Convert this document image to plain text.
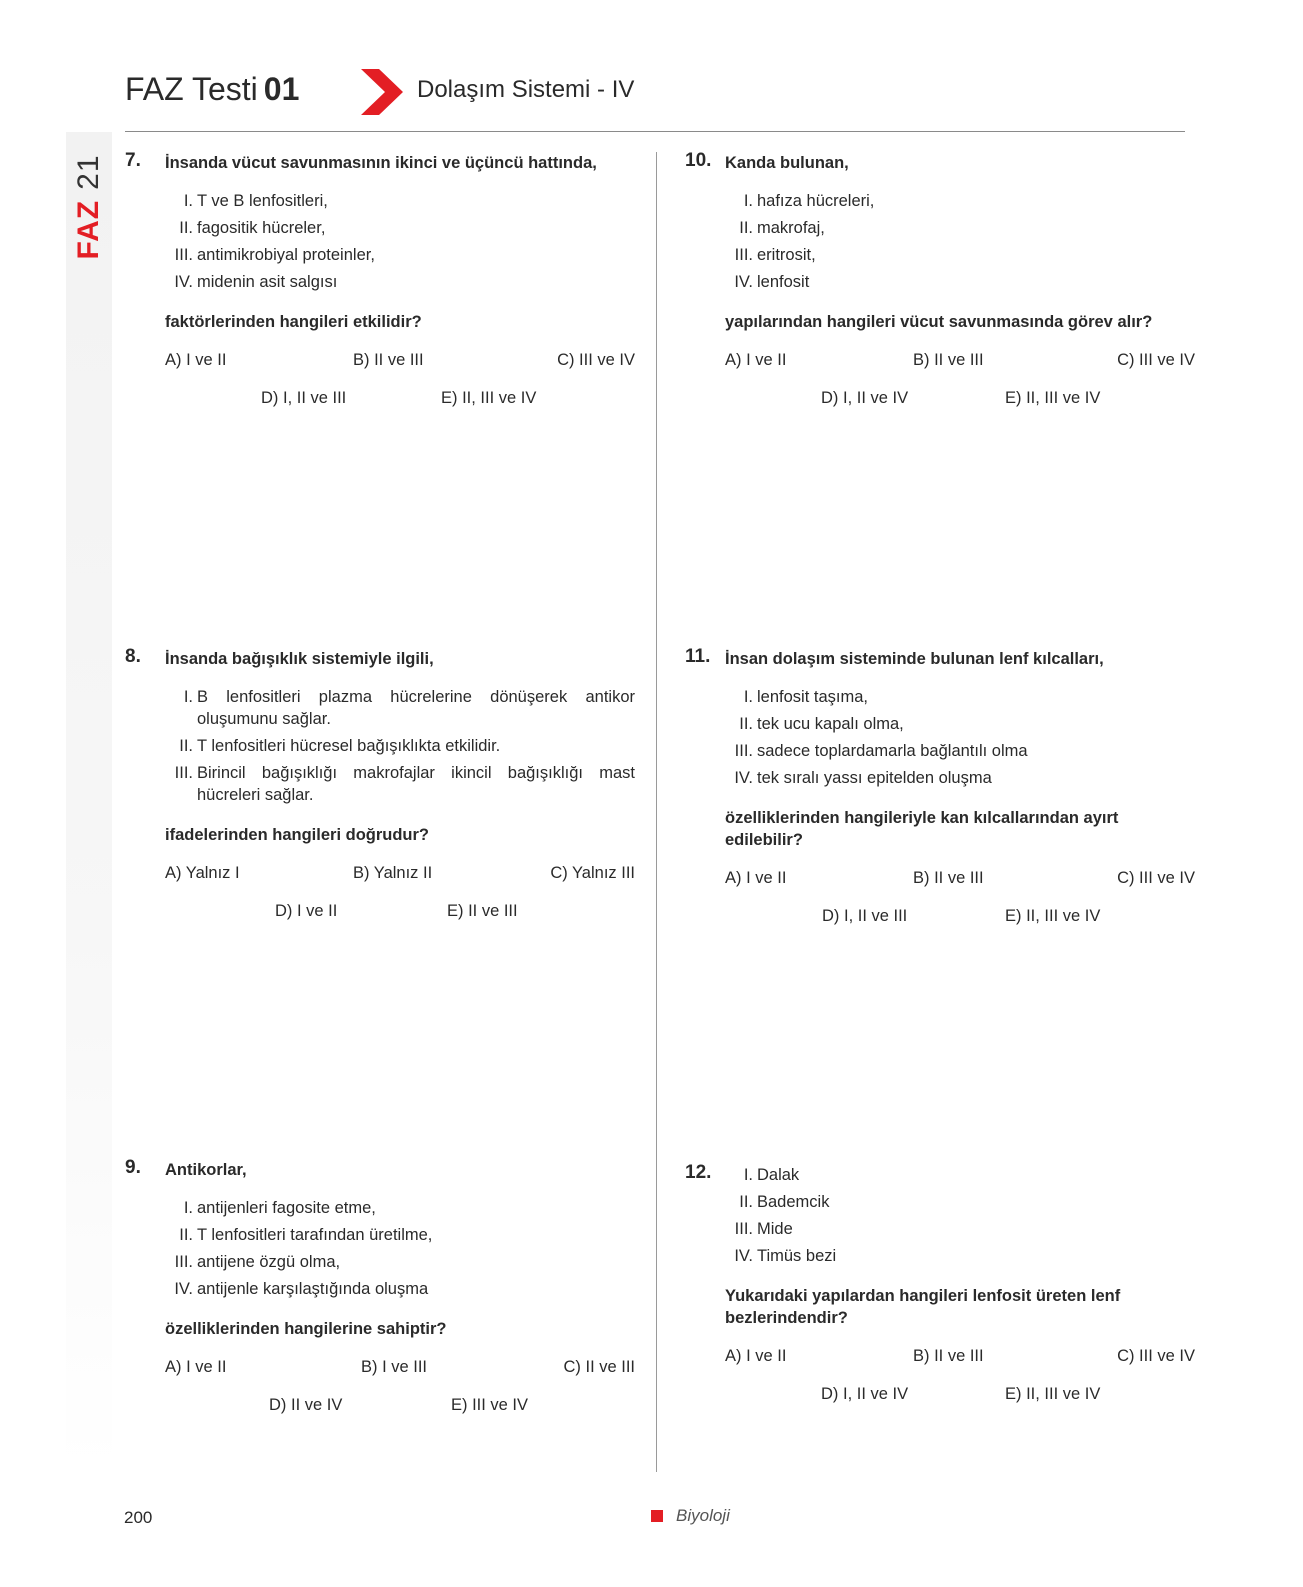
FAZ21
FAZ Testi 01	Dolaşım Sistemi - IV
7. İnsanda vücut savunmasının ikinci ve üçüncü hattında,
I. T ve B lenfositleri,
II. fagositik hücreler,
III. antimikrobiyal proteinler,
IV. midenin asit salgısı
faktörlerinden hangileri etkilidir?
A) I ve II	B) II ve III	C) III ve IV
D) I, II ve III	E) II, III ve IV
8. İnsanda bağışıklık sistemiyle ilgili,
I. B lenfositleri plazma hücrelerine dönüşerek antikor oluşumunu sağlar.
II. T lenfositleri hücresel bağışıklıkta etkilidir.
III. Birincil bağışıklığı makrofajlar ikincil bağışıklığı mast hücreleri sağlar.
ifadelerinden hangileri doğrudur?
A) Yalnız I	B) Yalnız II	C) Yalnız III
D) I ve II	E) II ve III
9. Antikorlar,
I. antijenleri fagosite etme,
II. T lenfositleri tarafından üretilme,
III. antijene özgü olma,
IV. antijenle karşılaştığında oluşma
özelliklerinden hangilerine sahiptir?
A) I ve II	B) I ve III	C) II ve III
D) II ve IV	E) III ve IV
10. Kanda bulunan,
I. hafıza hücreleri,
II. makrofaj,
III. eritrosit,
IV. lenfosit
yapılarından hangileri vücut savunmasında görev alır?
A) I ve II	B) II ve III	C) III ve IV
D) I, II ve IV	E) II, III ve IV
11. İnsan dolaşım sisteminde bulunan lenf kılcalları,
I. lenfosit taşıma,
II. tek ucu kapalı olma,
III. sadece toplardamarla bağlantılı olma
IV. tek sıralı yassı epitelden oluşma
özelliklerinden hangileriyle kan kılcallarından ayırt edilebilir?
A) I ve II	B) II ve III	C) III ve IV
D) I, II ve III	E) II, III ve IV
12.	I. Dalak
II. Bademcik
III. Mide
IV. Timüs bezi
Yukarıdaki yapılardan hangileri lenfosit üreten lenf bezlerindendir?
A) I ve II	B) II ve III	C) III ve IV
D) I, II ve IV	E) II, III ve IV
200	Biyoloji
